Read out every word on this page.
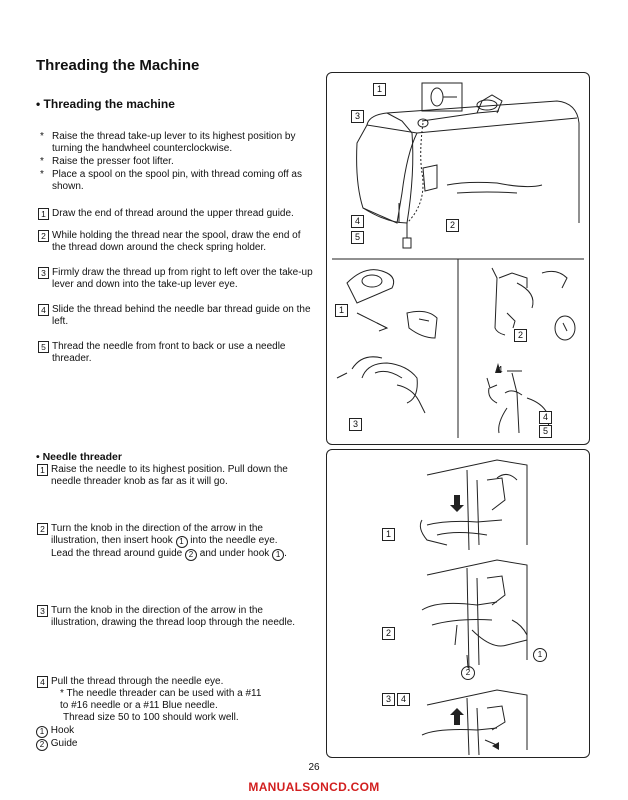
Threading the Machine
• Threading the machine
* Raise the thread take-up lever to its highest position by turning the handwheel counterclockwise.
* Raise the presser foot lifter.
* Place a spool on the spool pin, with thread coming off as shown.
1 Draw the end of thread around the upper thread guide.
2 While holding the thread near the spool, draw the end of the thread down around the check spring holder.
3 Firmly draw the thread up from right to left over the take-up lever and down into the take-up lever eye.
4 Slide the thread behind the needle bar thread guide on the left.
5 Thread the needle from front to back or use a needle threader.
1
3
2
4
5
1
2
3
4
5
4
• Needle threader
1 Raise the needle to its highest position. Pull down the needle threader knob as far as it will go.
2 Turn the knob in the direction of the arrow in the illustration, then insert hook 1 into the needle eye. Lead the thread around guide 2 and under hook 1 .
3 Turn the knob in the direction of the arrow in the illustration, drawing the thread loop through the needle.
4 Pull the thread through the needle eye.
* The needle threader can be used with a #11 to #16 needle or a #11 Blue needle.
Thread size 50 to 100 should work well.
1 Hook
2 Guide
1
2
3	4
1
2
26
MANUALSONCD.COM
